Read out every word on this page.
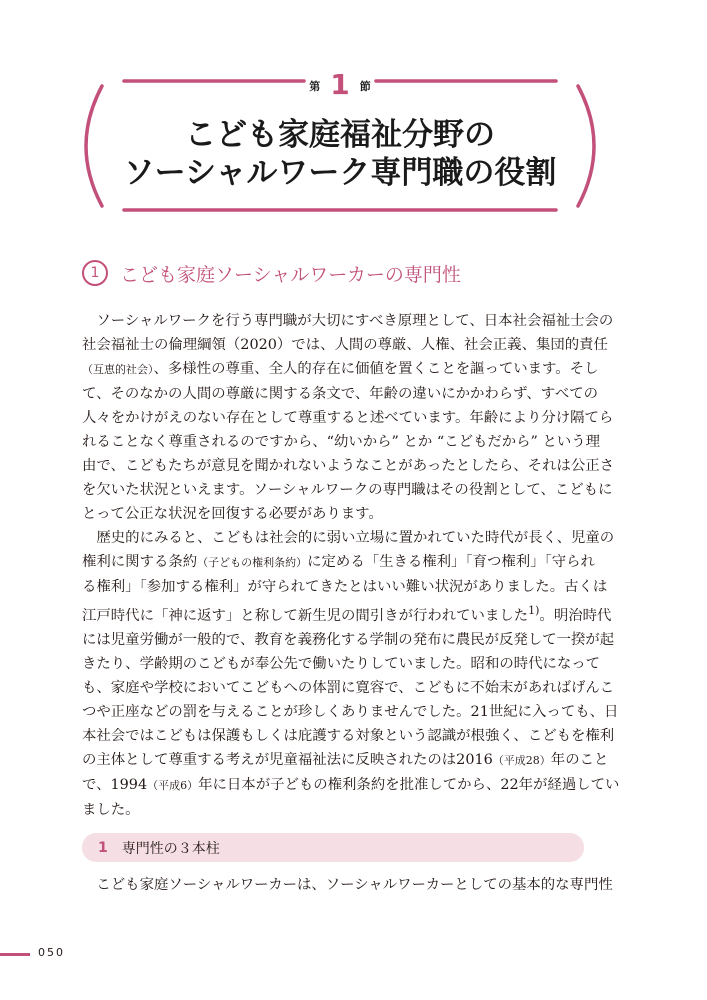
$^第$ 1 $^節$
こども家庭福祉分野の
ソーシャルワーク専門職の役割
1	こども家庭ソーシャルワーカーの専門性

ソーシャルワークを行う専門職が大切にすべき原理として、日本社会福祉士会の
社会福祉士の倫理綱領（2020）では、人間の尊厳、人権、社会正義、集団的責任
（互恵的社会）、多様性の尊重、全人的存在に価値を置くことを謳っています。そし
て、そのなかの人間の尊厳に関する条文で、年齢の違いにかかわらず、すべての
人々をかけがえのない存在として尊重すると述べています。年齢により分け隔てら
れることなく尊重されるのですから、“幼いから” とか “こどもだから” という理
由で、こどもたちが意見を聞かれないようなことがあったとしたら、それは公正さ
を欠いた状況といえます。ソーシャルワークの専門職はその役割として、こどもに
とって公正な状況を回復する必要があります。

歴史的にみると、こどもは社会的に弱い立場に置かれていた時代が長く、児童の
権利に関する条約（子どもの権利条約）に定める「生きる権利」「育つ権利」「守られ
る権利」「参加する権利」が守られてきたとはいい難い状況がありました。古くは
江戸時代に「神に返す」と称して新生児の間引きが行われていました$^{1)}$。明治時代
には児童労働が一般的で、教育を義務化する学制の発布に農民が反発して一揆が起
きたり、学齢期のこどもが奉公先で働いたりしていました。昭和の時代になって
も、家庭や学校においてこどもへの体罰に寛容で、こどもに不始末があればげんこ
つや正座などの罰を与えることが珍しくありませんでした。21世紀に入っても、日
本社会ではこどもは保護もしくは庇護する対象という認識が根強く、こどもを権利
の主体として尊重する考えが児童福祉法に反映されたのは2016（平成28）年のこと
で、1994（平成6）年に日本が子どもの権利条約を批准してから、22年が経過してい
ました。

1 専門性の３本柱
こども家庭ソーシャルワーカーは、ソーシャルワーカーとしての基本的な専門性
050
